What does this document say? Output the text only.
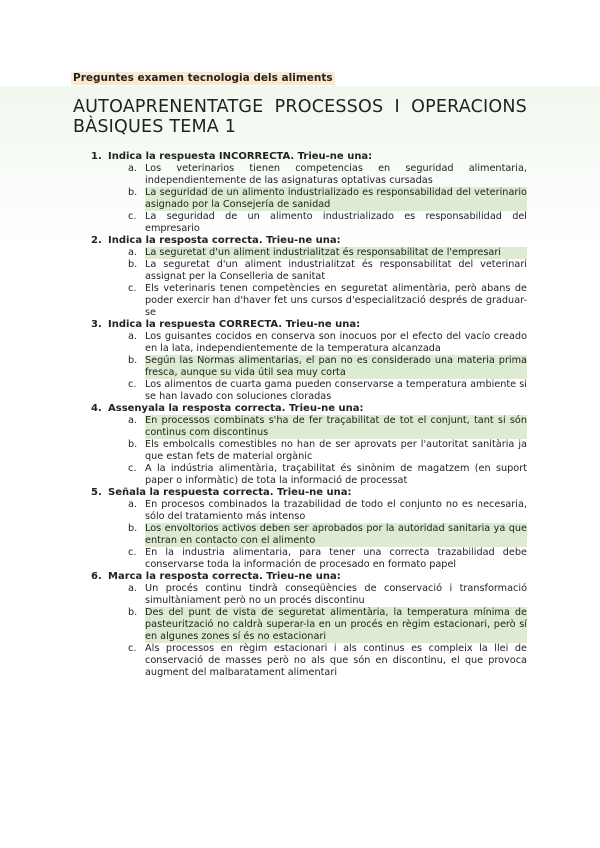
Preguntes examen tecnologia dels aliments
AUTOAPRENENTATGE PROCESSOS I OPERACIONS BÀSIQUES TEMA 1
1. Indica la respuesta INCORRECTA. Trieu-ne una:
a. Los veterinarios tienen competencias en seguridad alimentaria, independientemente de las asignaturas optativas cursadas
b. La seguridad de un alimento industrializado es responsabilidad del veterinario asignado por la Consejería de sanidad
c. La seguridad de un alimento industrializado es responsabilidad del empresario
2. Indica la resposta correcta. Trieu-ne una:
a. La seguretat d'un aliment industrialitzat és responsabilitat de l'empresari
b. La seguretat d'un aliment industrialitzat és responsabilitat del veterinari assignat per la Conselleria de sanitat
c. Els veterinaris tenen competències en seguretat alimentària, però abans de poder exercir han d'haver fet uns cursos d'especialització després de graduar-se
3. Indica la respuesta CORRECTA. Trieu-ne una:
a. Los guisantes cocidos en conserva son inocuos por el efecto del vacío creado en la lata, independientemente de la temperatura alcanzada
b. Según las Normas alimentarias, el pan no es considerado una materia prima fresca, aunque su vida útil sea muy corta
c. Los alimentos de cuarta gama pueden conservarse a temperatura ambiente si se han lavado con soluciones cloradas
4. Assenyala la resposta correcta. Trieu-ne una:
a. En processos combinats s'ha de fer traçabilitat de tot el conjunt, tant si són continus com discontinus
b. Els embolcalls comestibles no han de ser aprovats per l'autoritat sanitària ja que estan fets de material orgànic
c. A la indústria alimentària, traçabilitat és sinònim de magatzem (en suport paper o informàtic) de tota la informació de processat
5. Señala la respuesta correcta. Trieu-ne una:
a. En procesos combinados la trazabilidad de todo el conjunto no es necesaria, sólo del tratamiento más intenso
b. Los envoltorios activos deben ser aprobados por la autoridad sanitaria ya que entran en contacto con el alimento
c. En la industria alimentaria, para tener una correcta trazabilidad debe conservarse toda la información de procesado en formato papel
6. Marca la resposta correcta. Trieu-ne una:
a. Un procés continu tindrà conseqüències de conservació i transformació simultàniament però no un procés discontinu
b. Des del punt de vista de seguretat alimentària, la temperatura mínima de pasteurització no caldrà superar-la en un procés en règim estacionari, però sí en algunes zones sí és no estacionari
c. Als processos en règim estacionari i als continus es compleix la llei de conservació de masses però no als que són en discontinu, el que provoca augment del malbaratament alimentari
